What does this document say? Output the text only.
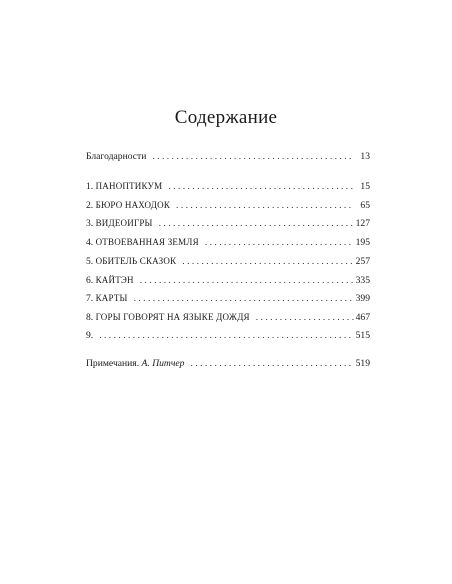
Содержание
Благодарности . . .	13
1. ПАНОПТИКУМ . . .	15
2. БЮРО НАХОДОК . . .	65
3. ВИДЕОИГРЫ . . .	127
4. ОТВОЕВАННАЯ ЗЕМЛЯ . . .	195
5. ОБИТЕЛЬ СКАЗОК . . .	257
6. КАЙТЭН . . .	335
7. КАРТЫ . . .	399
8. ГОРЫ ГОВОРЯТ НА ЯЗЫКЕ ДОЖДЯ . . .	467
9. . . .	515
Примечания. А. Питчер . . .	519
